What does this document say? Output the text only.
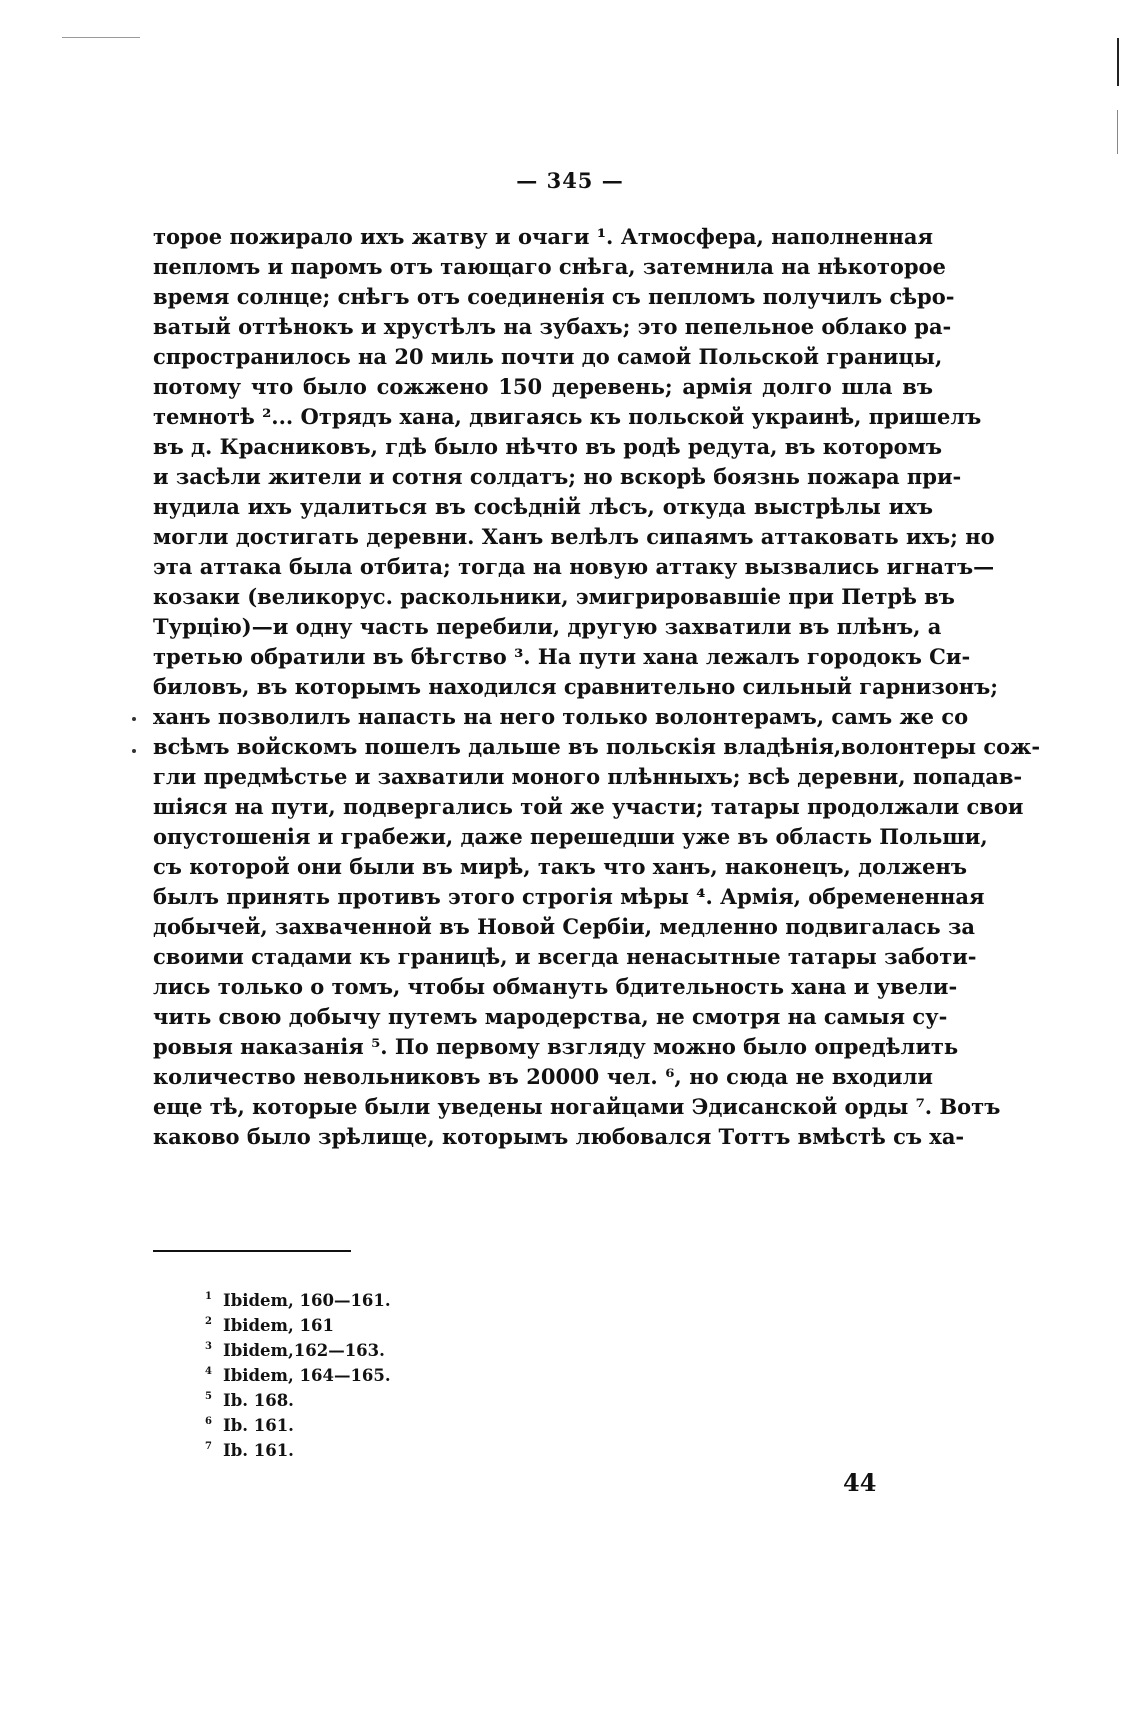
— 345 —
торое пожирало ихъ жатву и очаги ¹. Атмосфера, наполненная
пепломъ и паромъ отъ тающаго снѣга, затемнила на нѣкоторое
время солнце; снѣгъ отъ соединенія съ пепломъ получилъ сѣро-
ватый оттѣнокъ и хрустѣлъ на зубахъ; это пепельное облако ра-
спространилось на 20 миль почти до самой Польской границы,
потому что было сожжено 150 деревень; армія долго шла въ
темнотѣ ²... Отрядъ хана, двигаясь къ польской украинѣ, пришелъ
въ д. Красниковъ, гдѣ было нѣчто въ родѣ редута, въ которомъ
и засѣли жители и сотня солдатъ; но вскорѣ боязнь пожара при-
нудила ихъ удалиться въ сосѣдній лѣсъ, откуда выстрѣлы ихъ
могли достигать деревни. Ханъ велѣлъ сипаямъ аттаковать ихъ; но
эта аттака была отбита; тогда на новую аттаку вызвались игнатъ—
козаки (великорус. раскольники, эмигрировавшіе при Петрѣ въ
Турцію)—и одну часть перебили, другую захватили въ плѣнъ, а
третью обратили въ бѣгство ³. На пути хана лежалъ городокъ Си-
биловъ, въ которымъ находился сравнительно сильный гарнизонъ;
ханъ позволилъ напасть на него только волонтерамъ, самъ же со
всѣмъ войскомъ пошелъ дальше въ польскія владѣнія,волонтеры сож-
гли предмѣстье и захватили моного плѣнныхъ; всѣ деревни, попадав-
шіяся на пути, подвергались той же участи; татары продолжали свои
опустошенія и грабежи, даже перешедши уже въ область Польши,
съ которой они были въ мирѣ, такъ что ханъ, наконецъ, долженъ
былъ принять противъ этого строгія мѣры ⁴. Армія, обремененная
добычей, захваченной въ Новой Сербіи, медленно подвигалась за
своими стадами къ границѣ, и всегда ненасытные татары заботи-
лись только о томъ, чтобы обмануть бдительность хана и увели-
чить свою добычу путемъ мародерства, не смотря на самыя су-
ровыя наказанія ⁵. По первому взгляду можно было опредѣлить
количество невольниковъ въ 20000 чел. ⁶, но сюда не входили
еще тѣ, которые были уведены ногайцами Эдисанской орды ⁷. Вотъ
каково было зрѣлище, которымъ любовался Тоттъ вмѣстѣ съ ха-
1 Ibidem, 160—161.
2 Ibidem, 161
3 Ibidem,162—163.
4 Ibidem, 164—165.
5 Ib. 168.
6 Ib. 161.
7 Ib. 161.
44
